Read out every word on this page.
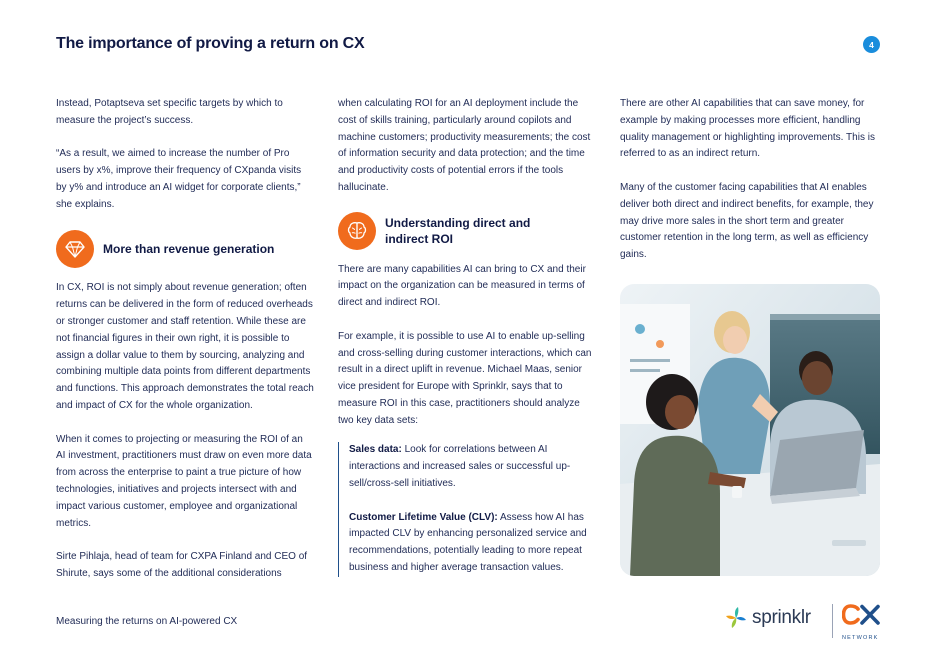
The importance of proving a return on CX	4

Instead, Potaptseva set specific targets by which to measure the project’s success.

“As a result, we aimed to increase the number of Pro users by x%, improve their frequency of CXpanda visits by y% and introduce an AI widget for corporate clients,” she explains.

More than revenue generation

In CX, ROI is not simply about revenue generation; often returns can be delivered in the form of reduced overheads or stronger customer and staff retention. While these are not financial figures in their own right, it is possible to assign a dollar value to them by sourcing, analyzing and combining multiple data points from different departments and functions. This approach demonstrates the total reach and impact of CX for the whole organization.

When it comes to projecting or measuring the ROI of an AI investment, practitioners must draw on even more data from across the enterprise to paint a true picture of how technologies, initiatives and projects intersect with and impact various customer, employee and organizational metrics.

Sirte Pihlaja, head of team for CXPA Finland and CEO of Shirute, says some of the additional considerations

when calculating ROI for an AI deployment include the cost of skills training, particularly around copilots and machine customers; productivity measurements; the cost of information security and data protection; and the time and productivity costs of potential errors if the tools hallucinate.

Understanding direct and
indirect ROI

There are many capabilities AI can bring to CX and their impact on the organization can be measured in terms of direct and indirect ROI.

For example, it is possible to use AI to enable up-selling and cross-selling during customer interactions, which can result in a direct uplift in revenue. Michael Maas, senior vice president for Europe with Sprinklr, says that to measure ROI in this case, practitioners should analyze two key data sets:

Sales data: Look for correlations between AI interactions and increased sales or successful up-sell/cross-sell initiatives.

Customer Lifetime Value (CLV): Assess how AI has impacted CLV by enhancing personalized service and recommendations, potentially leading to more repeat business and higher average transaction values.

There are other AI capabilities that can save money, for example by making processes more efficient, handling quality management or highlighting improvements. This is referred to as an indirect return.

Many of the customer facing capabilities that AI enables deliver both direct and indirect benefits, for example, they may drive more sales in the short term and greater customer retention in the long term, as well as efficiency gains.

Measuring the returns on AI-powered CX	sprinklr
NETWORK
